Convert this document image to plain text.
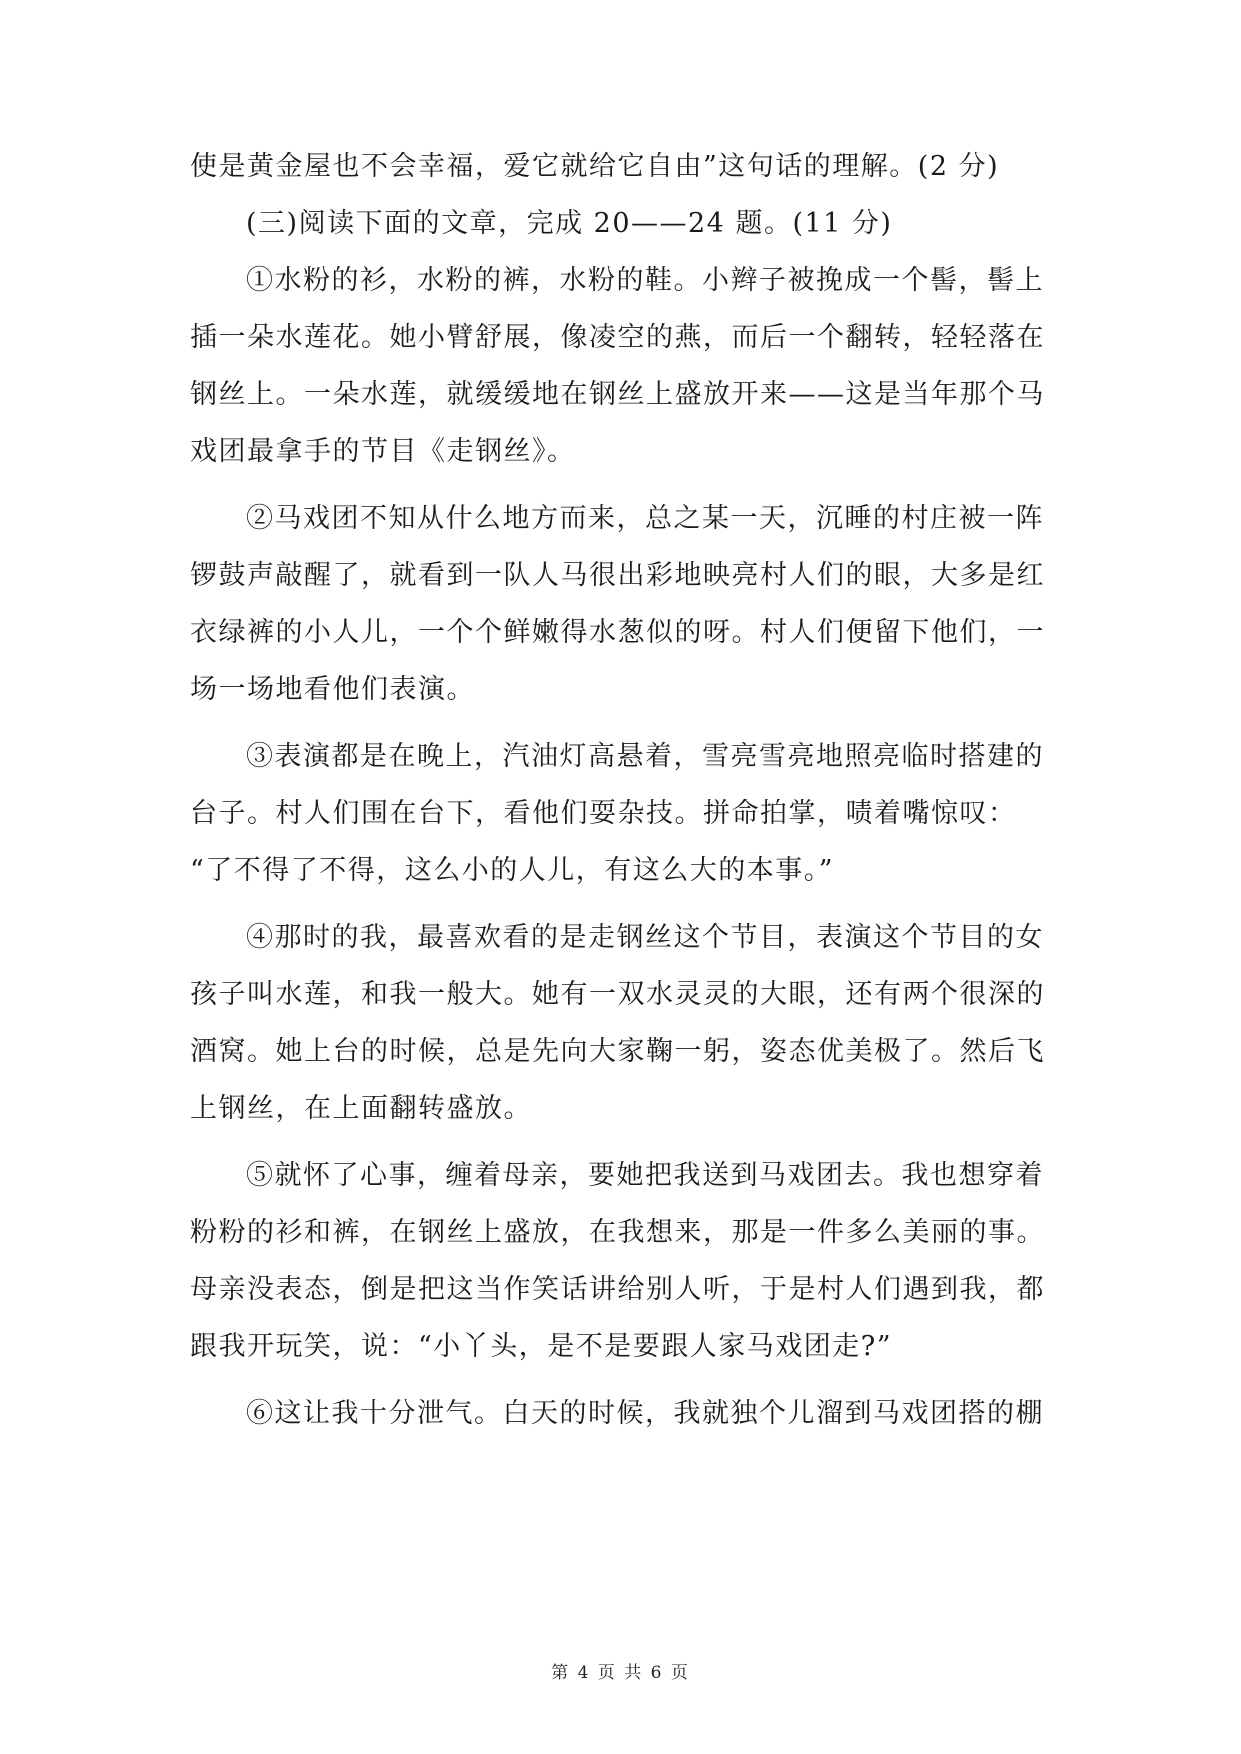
使是黄金屋也不会幸福，爱它就给它自由”这句话的理解。(2 分)
(三)阅读下面的文章，完成 20——24 题。(11 分)
①水粉的衫，水粉的裤，水粉的鞋。小辫子被挽成一个髻，髻上
插一朵水莲花。她小臂舒展，像凌空的燕，而后一个翻转，轻轻落在
钢丝上。一朵水莲，就缓缓地在钢丝上盛放开来——这是当年那个马
戏团最拿手的节目《走钢丝》。
②马戏团不知从什么地方而来，总之某一天，沉睡的村庄被一阵
锣鼓声敲醒了，就看到一队人马很出彩地映亮村人们的眼，大多是红
衣绿裤的小人儿，一个个鲜嫩得水葱似的呀。村人们便留下他们，一
场一场地看他们表演。
③表演都是在晚上，汽油灯高悬着，雪亮雪亮地照亮临时搭建的
台子。村人们围在台下，看他们耍杂技。拼命拍掌，啧着嘴惊叹：
“了不得了不得，这么小的人儿，有这么大的本事。”
④那时的我，最喜欢看的是走钢丝这个节目，表演这个节目的女
孩子叫水莲，和我一般大。她有一双水灵灵的大眼，还有两个很深的
酒窝。她上台的时候，总是先向大家鞠一躬，姿态优美极了。然后飞
上钢丝，在上面翻转盛放。
⑤就怀了心事，缠着母亲，要她把我送到马戏团去。我也想穿着
粉粉的衫和裤，在钢丝上盛放，在我想来，那是一件多么美丽的事。
母亲没表态，倒是把这当作笑话讲给别人听，于是村人们遇到我，都
跟我开玩笑，说：“小丫头，是不是要跟人家马戏团走?”
⑥这让我十分泄气。白天的时候，我就独个儿溜到马戏团搭的棚
第 4 页 共 6 页
